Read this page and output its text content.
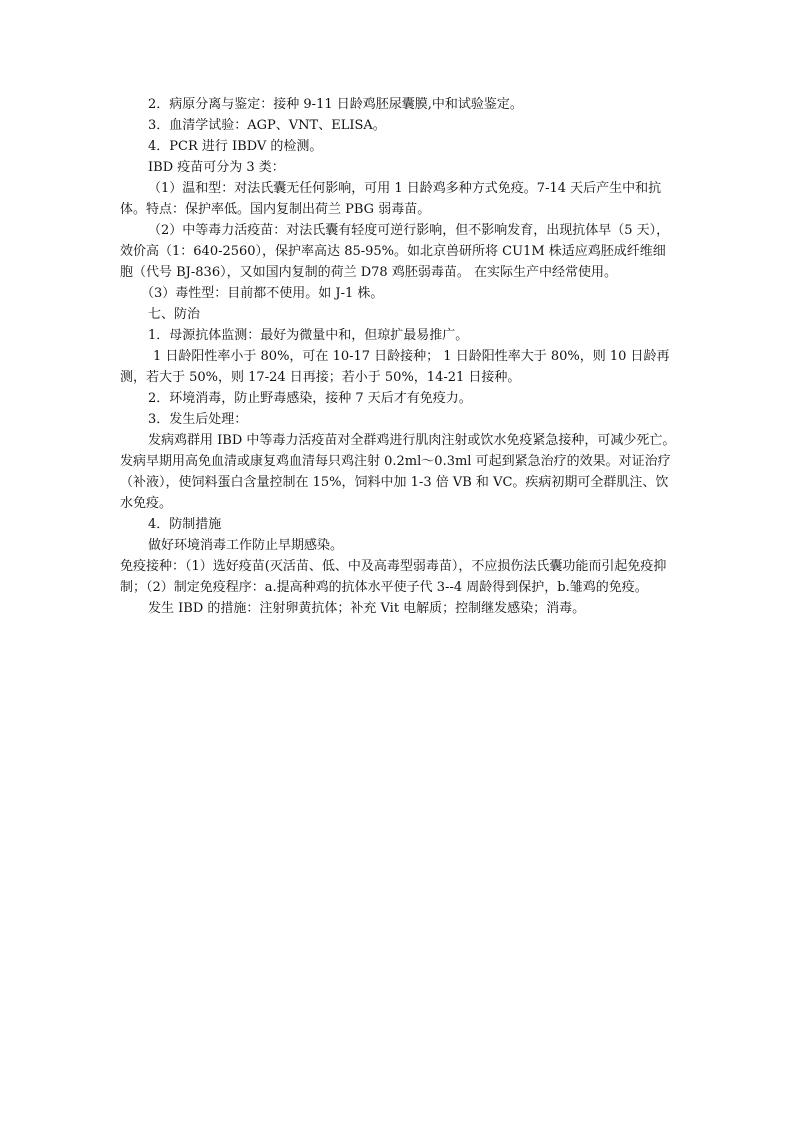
2．病原分离与鉴定：接种 9-11 日龄鸡胚尿囊膜,中和试验鉴定。

3．血清学试验：AGP、VNT、ELISA。

4．PCR 进行 IBDV 的检测。

IBD 疫苗可分为 3 类：

（1）温和型：对法氏囊无任何影响，可用 1 日龄鸡多种方式免疫。7-14 天后产生中和抗体。特点：保护率低。国内复制出荷兰 PBG 弱毒苗。

（2）中等毒力活疫苗：对法氏囊有轻度可逆行影响，但不影响发育，出现抗体早（5 天），效价高（1：640-2560），保护率高达 85-95%。如北京兽研所将 CU1M 株适应鸡胚成纤维细胞（代号 BJ-836），又如国内复制的荷兰 D78 鸡胚弱毒苗。 在实际生产中经常使用。

（3）毒性型：目前都不使用。如 J-1 株。

七、防治

1．母源抗体监测：最好为微量中和，但琼扩最易推广。

1 日龄阳性率小于 80%，可在 10-17 日龄接种； 1 日龄阳性率大于 80%，则 10 日龄再测，若大于 50%，则 17-24 日再接；若小于 50%，14-21 日接种。

2．环境消毒，防止野毒感染，接种 7 天后才有免疫力。

3．发生后处理：

发病鸡群用 IBD 中等毒力活疫苗对全群鸡进行肌肉注射或饮水免疫紧急接种，可减少死亡。发病早期用高免血清或康复鸡血清每只鸡注射 0.2ml～0.3ml 可起到紧急治疗的效果。对证治疗（补液），使饲料蛋白含量控制在 15%，饲料中加 1-3 倍 VB 和 VC。疾病初期可全群肌注、饮水免疫。

4．防制措施

做好环境消毒工作防止早期感染。

免疫接种：（1）选好疫苗(灭活苗、低、中及高毒型弱毒苗），不应损伤法氏囊功能而引起免疫抑制；（2）制定免疫程序：a.提高种鸡的抗体水平使子代 3--4 周龄得到保护，b.雏鸡的免疫。

发生 IBD 的措施：注射卵黄抗体；补充 Vit 电解质；控制继发感染；消毒。
